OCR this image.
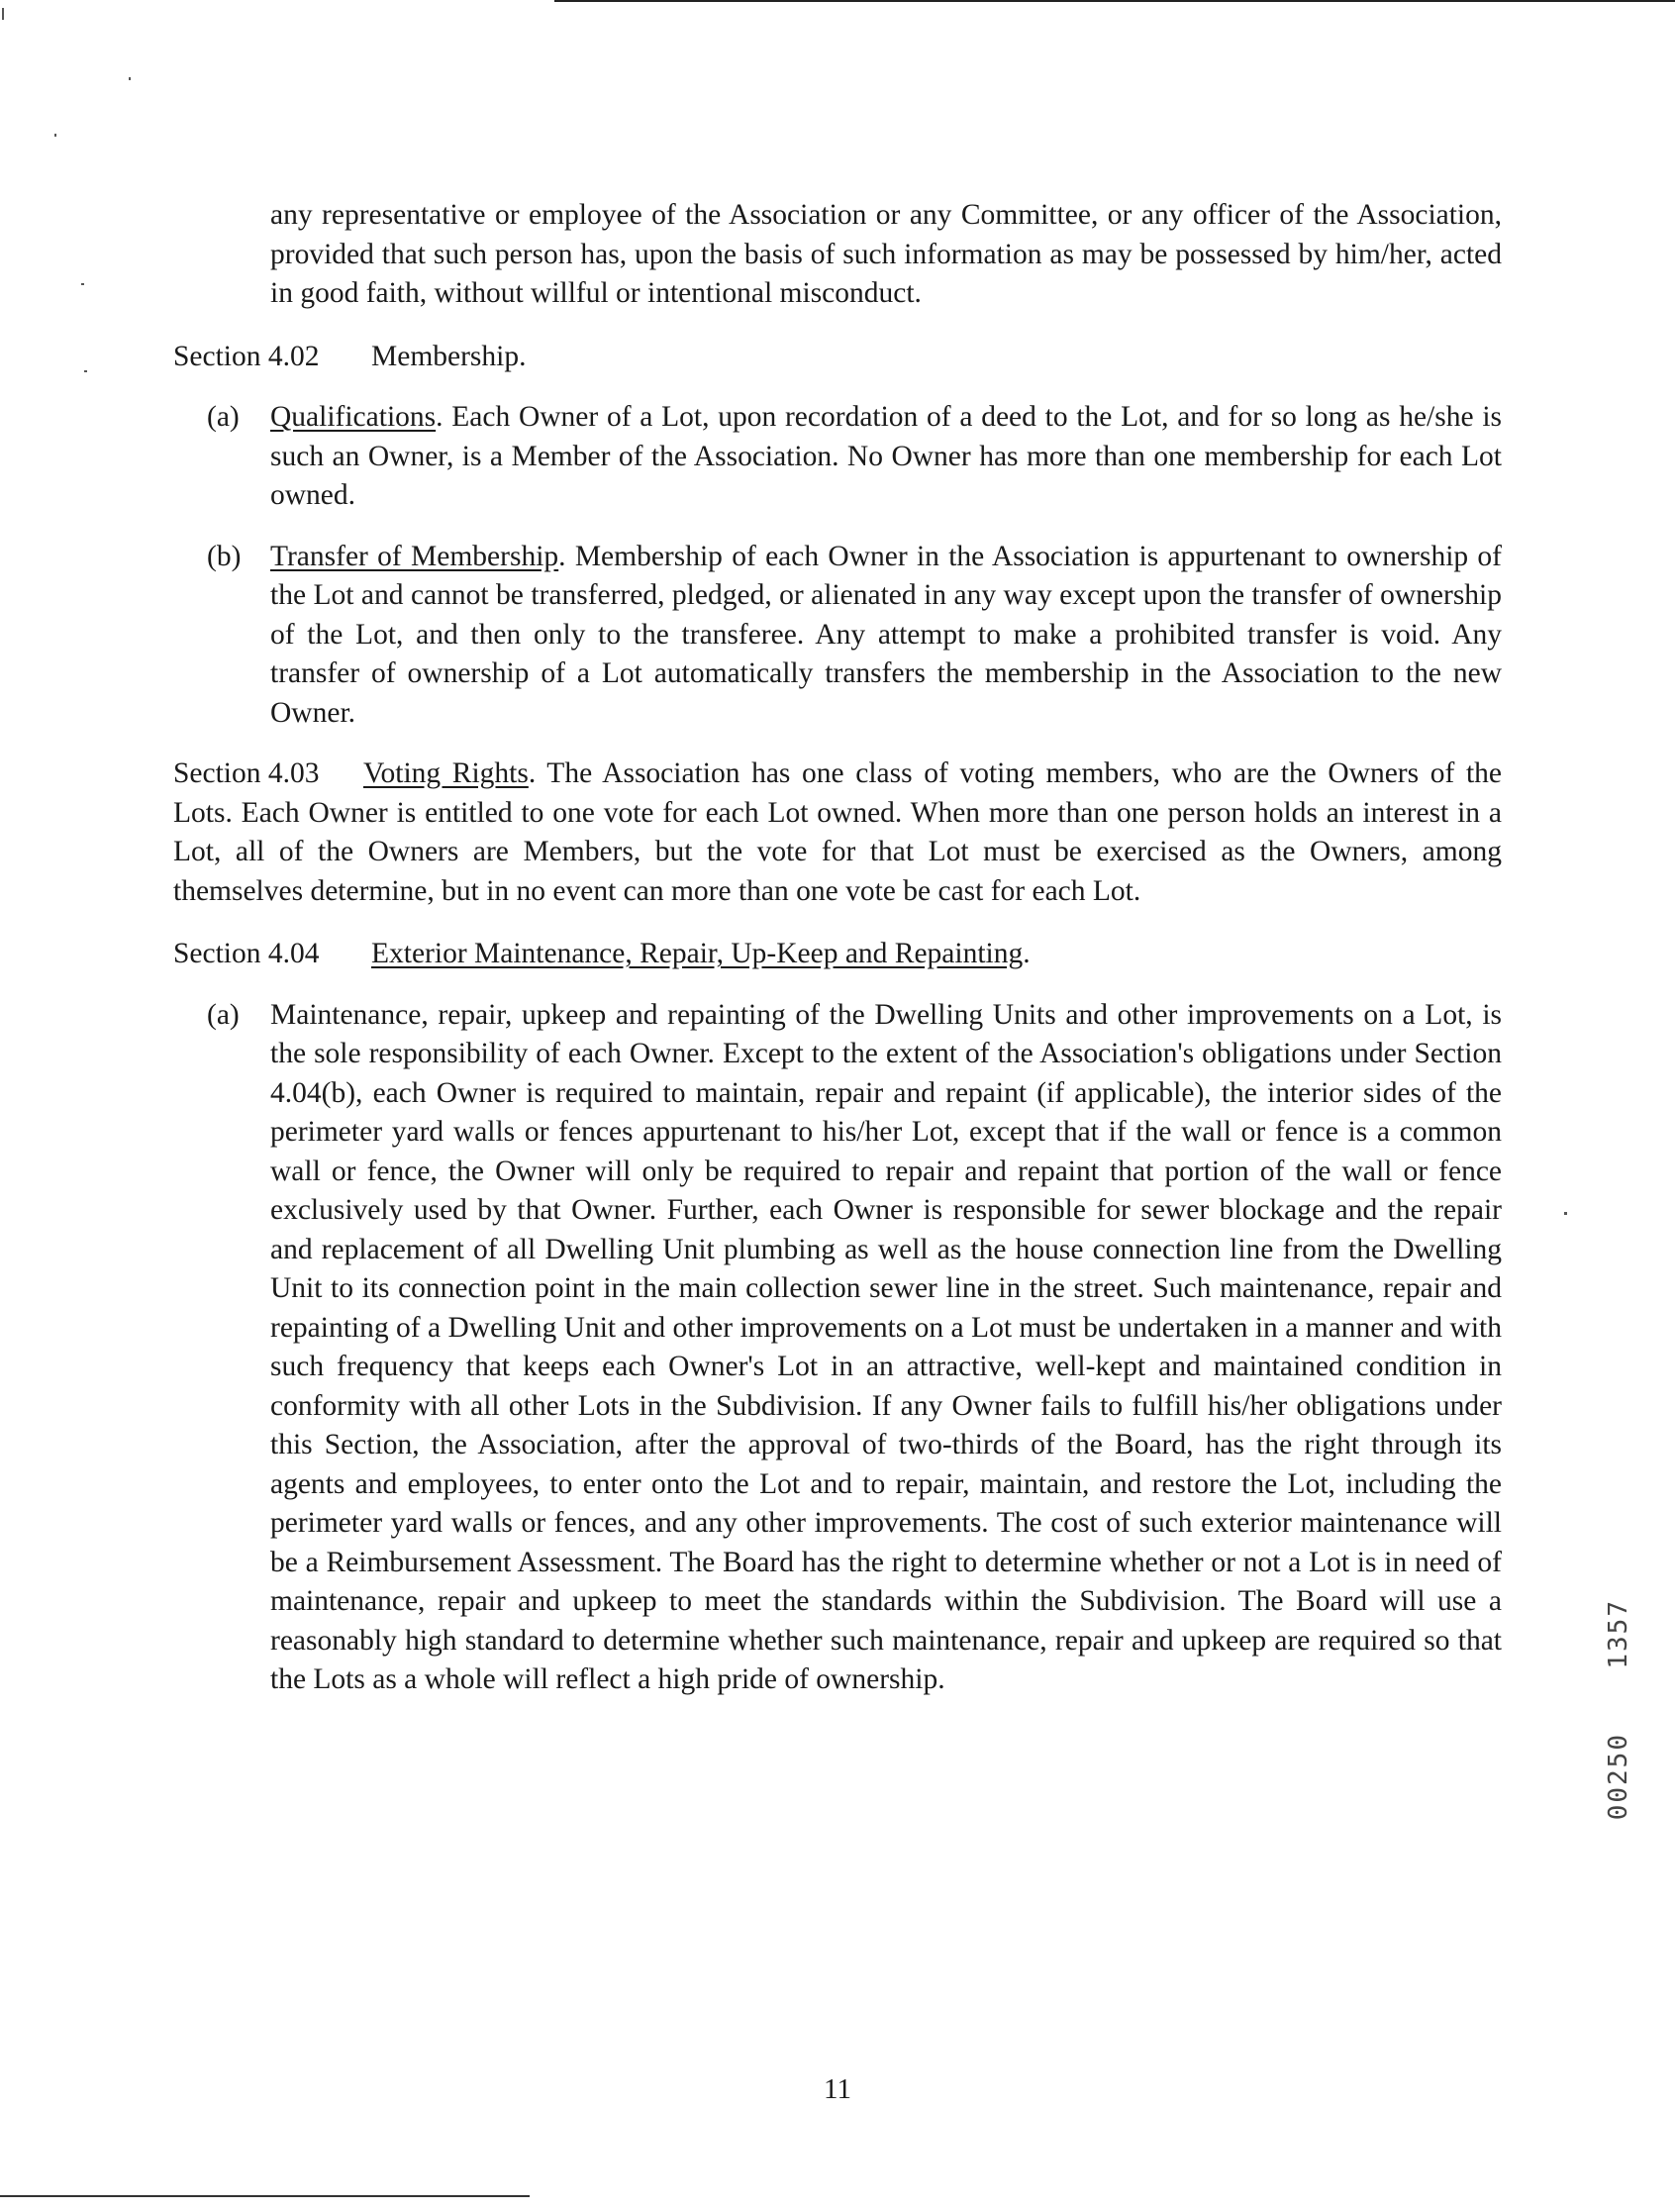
any representative or employee of the Association or any Committee, or any officer of the Association, provided that such person has, upon the basis of such information as may be possessed by him/her, acted in good faith, without willful or intentional misconduct.

Section 4.02 Membership.

(a) Qualifications. Each Owner of a Lot, upon recordation of a deed to the Lot, and for so long as he/she is such an Owner, is a Member of the Association. No Owner has more than one membership for each Lot owned.

(b) Transfer of Membership. Membership of each Owner in the Association is appurtenant to ownership of the Lot and cannot be transferred, pledged, or alienated in any way except upon the transfer of ownership of the Lot, and then only to the transferee. Any attempt to make a prohibited transfer is void. Any transfer of ownership of a Lot automatically transfers the membership in the Association to the new Owner.

Section 4.03 Voting Rights. The Association has one class of voting members, who are the Owners of the Lots. Each Owner is entitled to one vote for each Lot owned. When more than one person holds an interest in a Lot, all of the Owners are Members, but the vote for that Lot must be exercised as the Owners, among themselves determine, but in no event can more than one vote be cast for each Lot.

Section 4.04 Exterior Maintenance, Repair, Up-Keep and Repainting.

(a) Maintenance, repair, upkeep and repainting of the Dwelling Units and other improvements on a Lot, is the sole responsibility of each Owner. Except to the extent of the Association's obligations under Section 4.04(b), each Owner is required to maintain, repair and repaint (if applicable), the interior sides of the perimeter yard walls or fences appurtenant to his/her Lot, except that if the wall or fence is a common wall or fence, the Owner will only be required to repair and repaint that portion of the wall or fence exclusively used by that Owner. Further, each Owner is responsible for sewer blockage and the repair and replacement of all Dwelling Unit plumbing as well as the house connection line from the Dwelling Unit to its connection point in the main collection sewer line in the street. Such maintenance, repair and repainting of a Dwelling Unit and other improvements on a Lot must be undertaken in a manner and with such frequency that keeps each Owner's Lot in an attractive, well-kept and maintained condition in conformity with all other Lots in the Subdivision. If any Owner fails to fulfill his/her obligations under this Section, the Association, after the approval of two-thirds of the Board, has the right through its agents and employees, to enter onto the Lot and to repair, maintain, and restore the Lot, including the perimeter yard walls or fences, and any other improvements. The cost of such exterior maintenance will be a Reimbursement Assessment. The Board has the right to determine whether or not a Lot is in need of maintenance, repair and upkeep to meet the standards within the Subdivision. The Board will use a reasonably high standard to determine whether such maintenance, repair and upkeep are required so that the Lots as a whole will reflect a high pride of ownership.

11
1357
00250
